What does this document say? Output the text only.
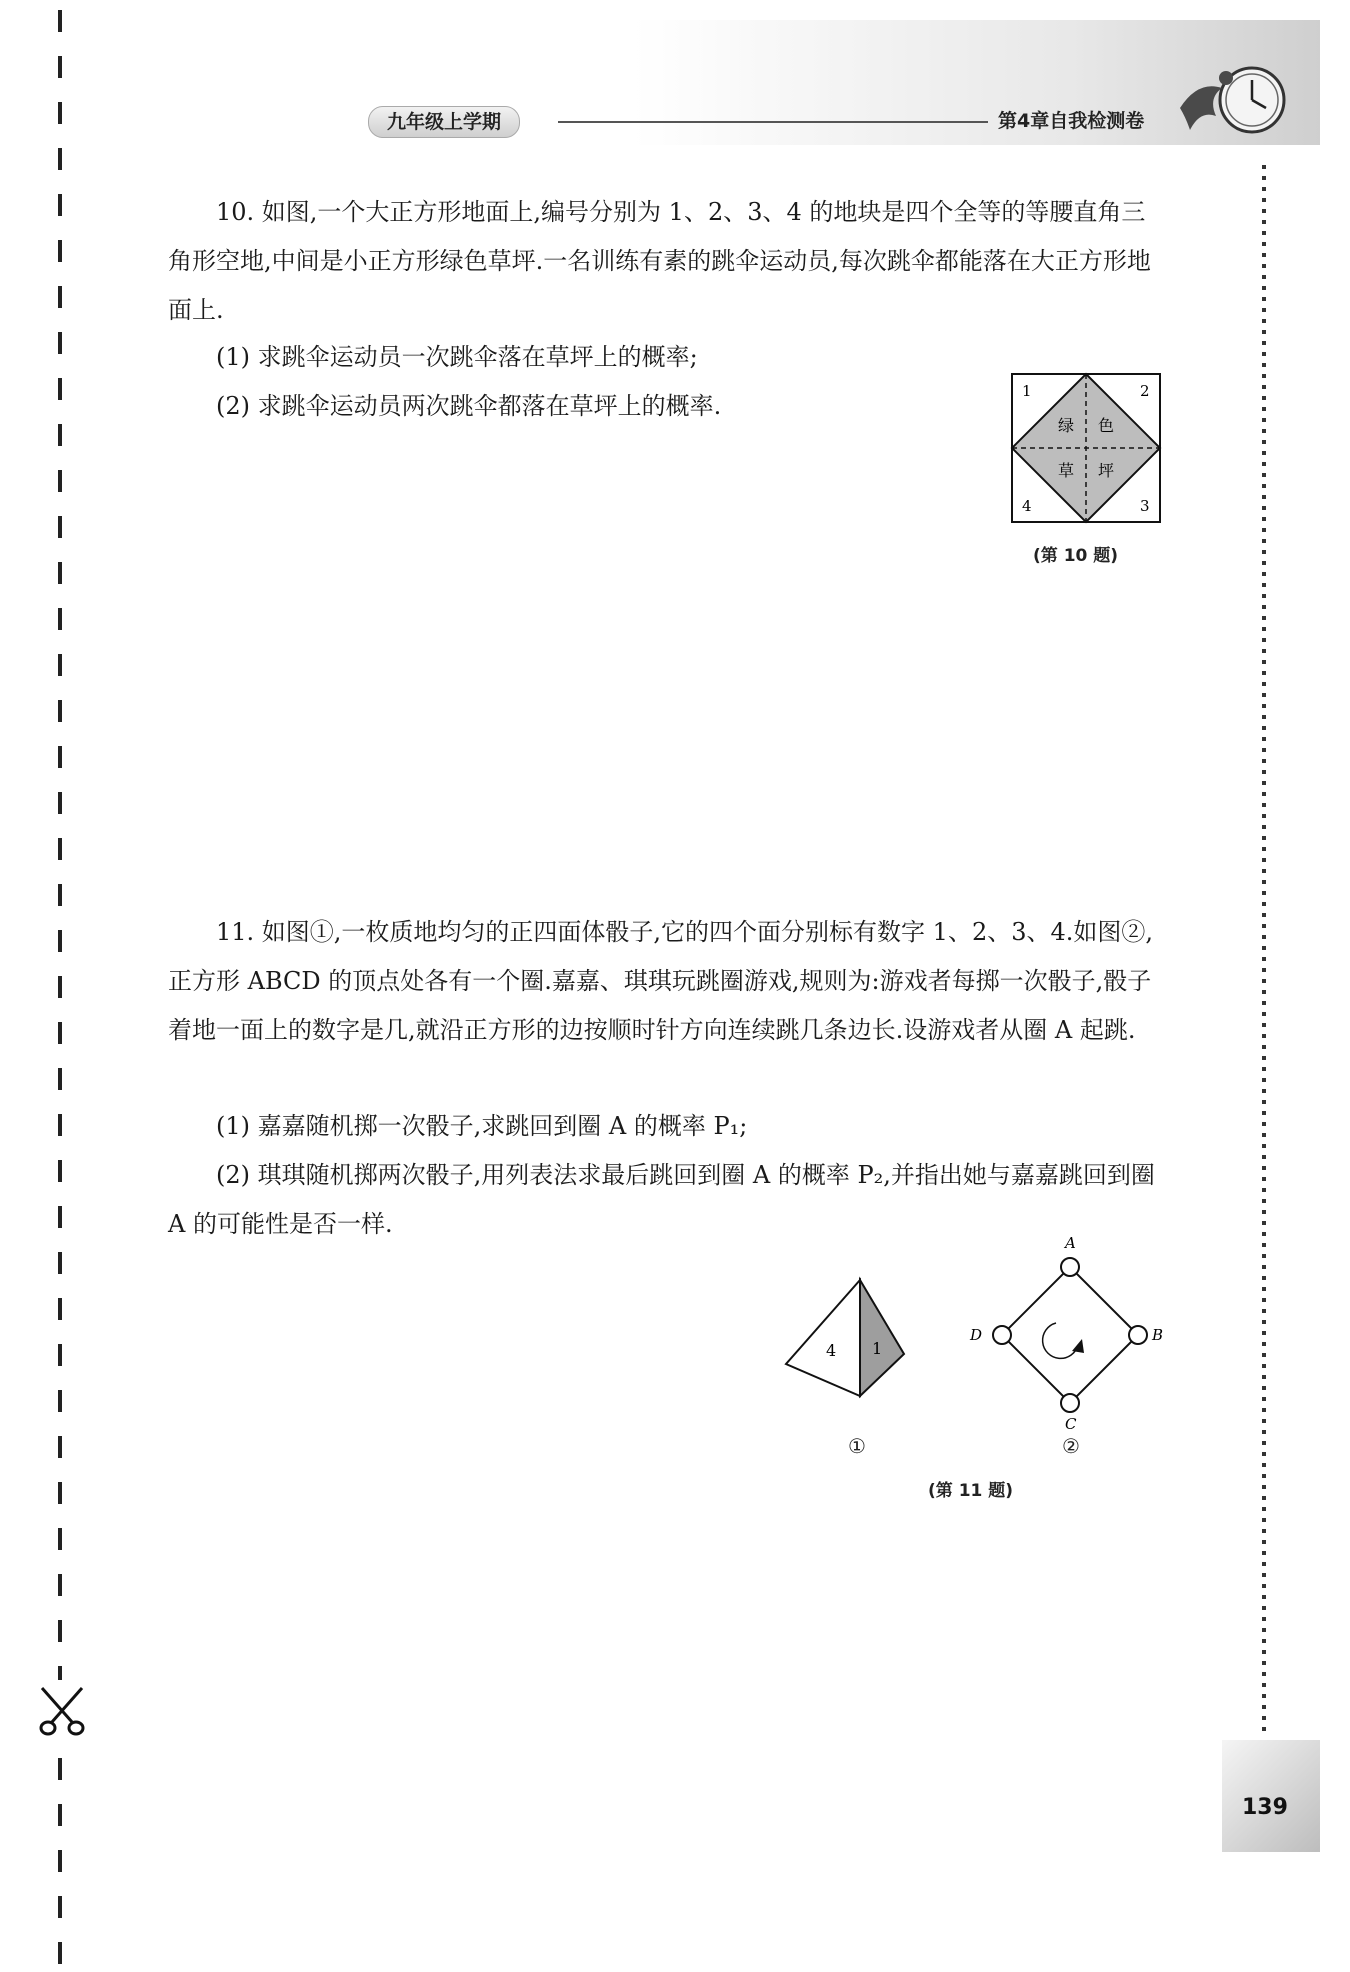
九年级上学期	第4章自我检测卷
139

10. 如图,一个大正方形地面上,编号分别为 1、2、3、4 的地块是四个全等的等腰直角三角形空地,中间是小正方形绿色草坪.一名训练有素的跳伞运动员,每次跳伞都能落在大正方形地面上.

(1) 求跳伞运动员一次跳伞落在草坪上的概率;

(2) 求跳伞运动员两次跳伞都落在草坪上的概率.

1	2
3
4
绿 色
草 坪
(第 10 题)

11. 如图①,一枚质地均匀的正四面体骰子,它的四个面分别标有数字 1、2、3、4.如图②,正方形 ABCD 的顶点处各有一个圈.嘉嘉、琪琪玩跳圈游戏,规则为:游戏者每掷一次骰子,骰子着地一面上的数字是几,就沿正方形的边按顺时针方向连续跳几条边长.设游戏者从圈 A 起跳.

(1) 嘉嘉随机掷一次骰子,求跳回到圈 A 的概率 P₁;

(2) 琪琪随机掷两次骰子,用列表法求最后跳回到圈 A 的概率 P₂,并指出她与嘉嘉跳回到圈 A 的可能性是否一样.

4 1
①
A
B
C
D
②
(第 11 题)
